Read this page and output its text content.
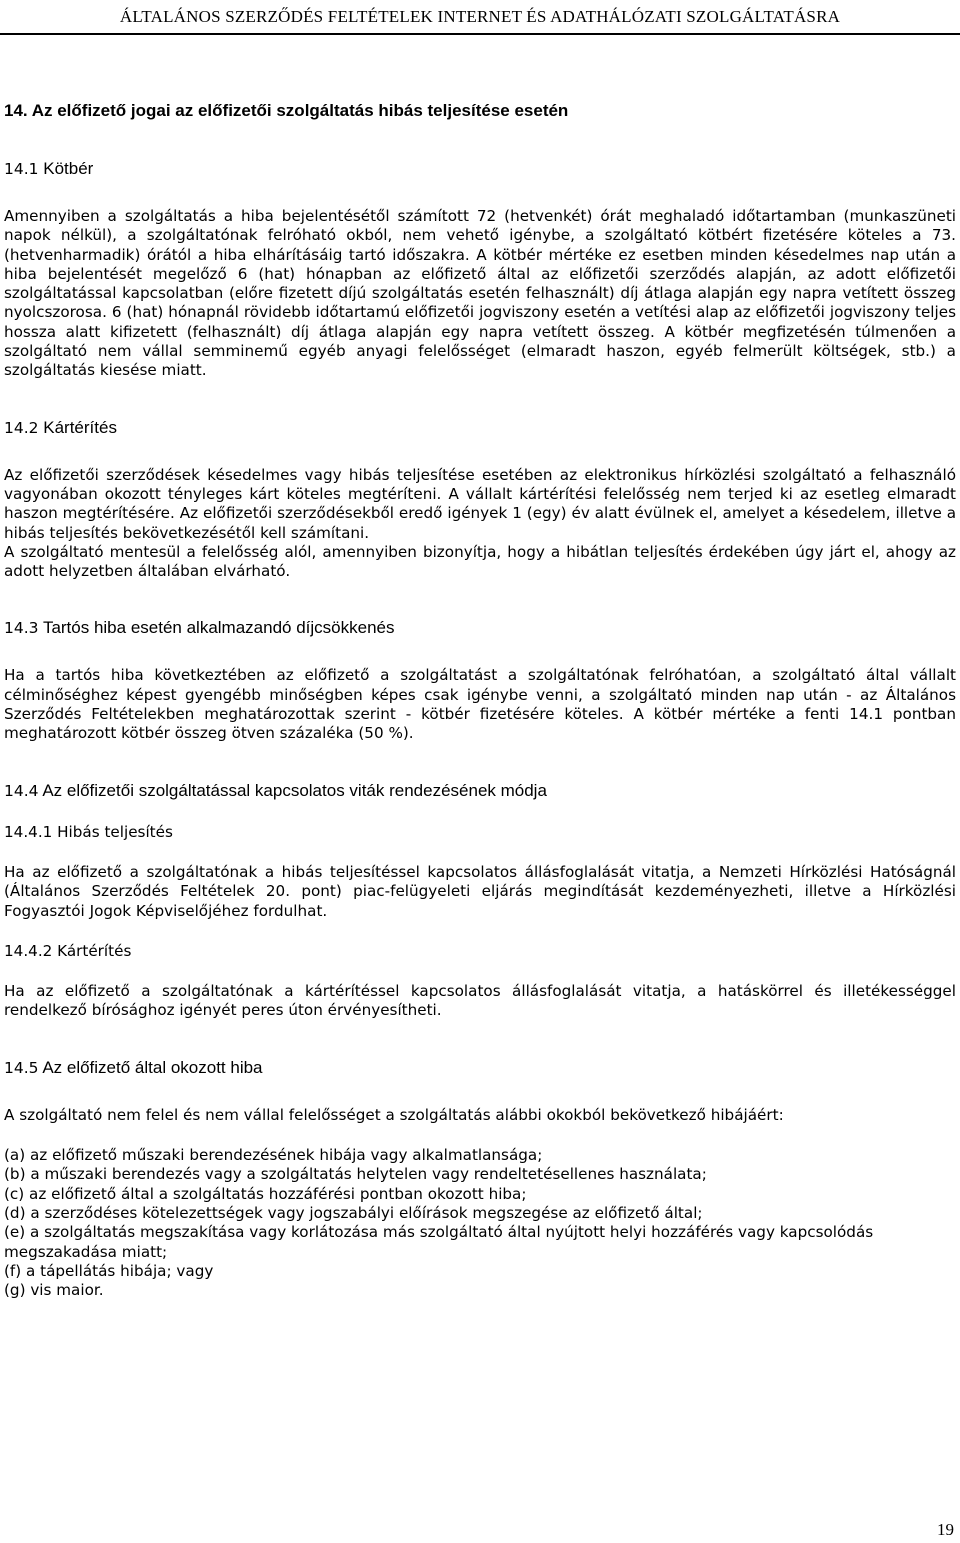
ÁLTALÁNOS SZERZŐDÉS FELTÉTELEK INTERNET ÉS ADATHÁLÓZATI SZOLGÁLTATÁSRA

14. Az előfizető jogai az előfizetői szolgáltatás hibás teljesítése esetén

14.1 Kötbér

Amennyiben a szolgáltatás a hiba bejelentésétől számított 72 (hetvenkét) órát meghaladó időtartamban (munkaszüneti napok nélkül), a szolgáltatónak felróható okból, nem vehető igénybe, a szolgáltató kötbért fizetésére köteles a 73. (hetvenharmadik) órától a hiba elhárításáig tartó időszakra. A kötbér mértéke ez esetben minden késedelmes nap után a hiba bejelentését megelőző 6 (hat) hónapban az előfizető által az előfizetői szerződés alapján, az adott előfizetői szolgáltatással kapcsolatban (előre fizetett díjú szolgáltatás esetén felhasznált) díj átlaga alapján egy napra vetített összeg nyolcszorosa. 6 (hat) hónapnál rövidebb időtartamú előfizetői jogviszony esetén a vetítési alap az előfizetői jogviszony teljes hossza alatt kifizetett (felhasznált) díj átlaga alapján egy napra vetített összeg. A kötbér megfizetésén túlmenően a szolgáltató nem vállal semminemű egyéb anyagi felelősséget (elmaradt haszon, egyéb felmerült költségek, stb.) a szolgáltatás kiesése miatt.

14.2 Kártérítés

Az előfizetői szerződések késedelmes vagy hibás teljesítése esetében az elektronikus hírközlési szolgáltató a felhasználó vagyonában okozott tényleges kárt köteles megtéríteni. A vállalt kártérítési felelősség nem terjed ki az esetleg elmaradt haszon megtérítésére. Az előfizetői szerződésekből eredő igények 1 (egy) év alatt évülnek el, amelyet a késedelem, illetve a hibás teljesítés bekövetkezésétől kell számítani.

A szolgáltató mentesül a felelősség alól, amennyiben bizonyítja, hogy a hibátlan teljesítés érdekében úgy járt el, ahogy az adott helyzetben általában elvárható.

14.3 Tartós hiba esetén alkalmazandó díjcsökkenés

Ha a tartós hiba következtében az előfizető a szolgáltatást a szolgáltatónak felróhatóan, a szolgáltató által vállalt célminőséghez képest gyengébb minőségben képes csak igénybe venni, a szolgáltató minden nap után - az Általános Szerződés Feltételekben meghatározottak szerint - kötbér fizetésére köteles. A kötbér mértéke a fenti 14.1 pontban meghatározott kötbér összeg ötven százaléka (50 %).

14.4 Az előfizetői szolgáltatással kapcsolatos viták rendezésének módja

14.4.1 Hibás teljesítés

Ha az előfizető a szolgáltatónak a hibás teljesítéssel kapcsolatos állásfoglalását vitatja, a Nemzeti Hírközlési Hatóságnál (Általános Szerződés Feltételek 20. pont) piac-felügyeleti eljárás megindítását kezdeményezheti, illetve a Hírközlési Fogyasztói Jogok Képviselőjéhez fordulhat.

14.4.2 Kártérítés

Ha az előfizető a szolgáltatónak a kártérítéssel kapcsolatos állásfoglalását vitatja, a hatáskörrel és illetékességgel rendelkező bírósághoz igényét peres úton érvényesítheti.

14.5 Az előfizető által okozott hiba

A szolgáltató nem felel és nem vállal felelősséget a szolgáltatás alábbi okokból bekövetkező hibájáért:

(a) az előfizető műszaki berendezésének hibája vagy alkalmatlansága;

(b) a műszaki berendezés vagy a szolgáltatás helytelen vagy rendeltetésellenes használata;

(c) az előfizető által a szolgáltatás hozzáférési pontban okozott hiba;

(d) a szerződéses kötelezettségek vagy jogszabályi előírások megszegése az előfizető által;

(e) a szolgáltatás megszakítása vagy korlátozása más szolgáltató által nyújtott helyi hozzáférés vagy kapcsolódás megszakadása miatt;

(f) a tápellátás hibája; vagy

(g) vis maior.

19
